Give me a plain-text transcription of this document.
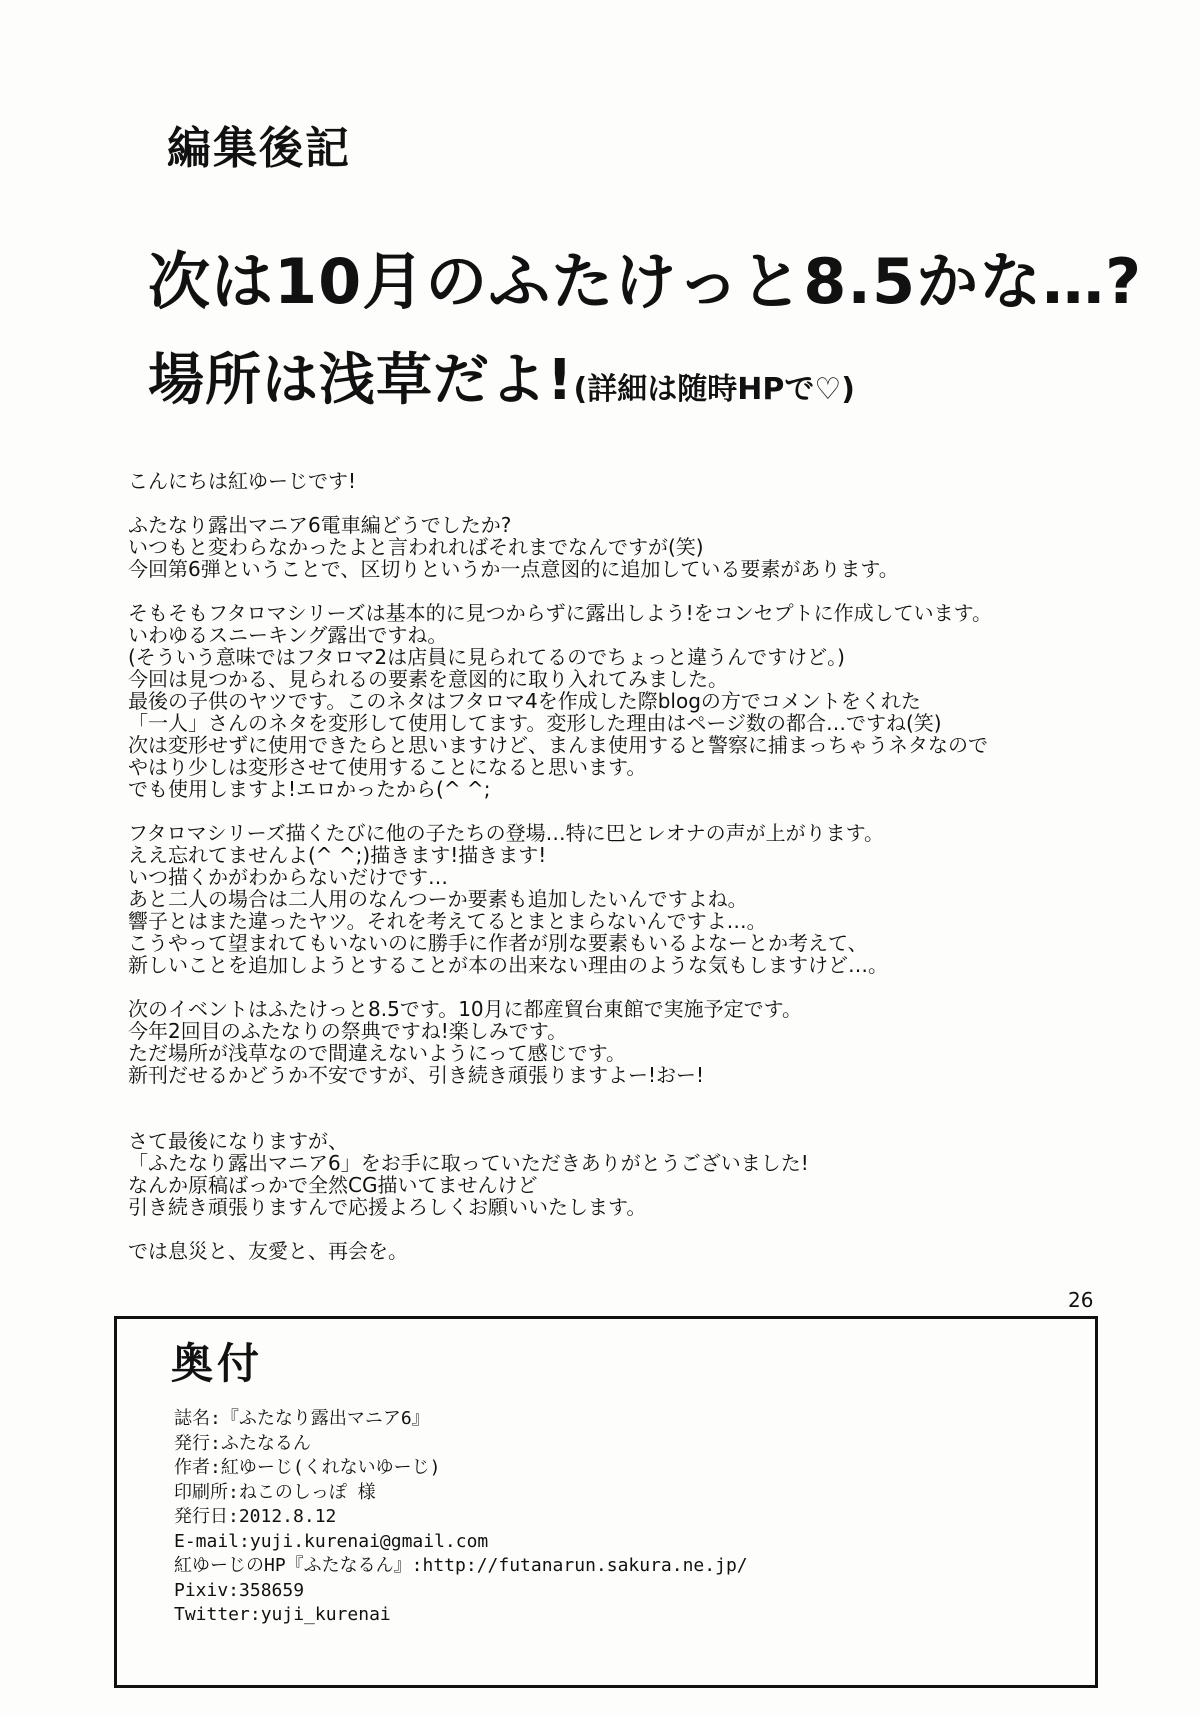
編集後記
次は10月のふたけっと8.5かな…?
場所は浅草だよ!(詳細は随時HPで♡)

こんにちは紅ゆーじです!

ふたなり露出マニア6電車編どうでしたか?
いつもと変わらなかったよと言われればそれまでなんですが(笑)
今回第6弾ということで、区切りというか一点意図的に追加している要素があります。

そもそもフタロマシリーズは基本的に見つからずに露出しよう!をコンセプトに作成しています。
いわゆるスニーキング露出ですね。
(そういう意味ではフタロマ2は店員に見られてるのでちょっと違うんですけど。)
今回は見つかる、見られるの要素を意図的に取り入れてみました。
最後の子供のヤツです。このネタはフタロマ4を作成した際blogの方でコメントをくれた
「一人」さんのネタを変形して使用してます。変形した理由はページ数の都合…ですね(笑)
次は変形せずに使用できたらと思いますけど、まんま使用すると警察に捕まっちゃうネタなので
やはり少しは変形させて使用することになると思います。
でも使用しますよ!エロかったから(^ ^;

フタロマシリーズ描くたびに他の子たちの登場…特に巴とレオナの声が上がります。
ええ忘れてませんよ(^ ^;)描きます!描きます!
いつ描くかがわからないだけです…
あと二人の場合は二人用のなんつーか要素も追加したいんですよね。
響子とはまた違ったヤツ。それを考えてるとまとまらないんですよ…。
こうやって望まれてもいないのに勝手に作者が別な要素もいるよなーとか考えて、
新しいことを追加しようとすることが本の出来ない理由のような気もしますけど…。

次のイベントはふたけっと8.5です。10月に都産貿台東館で実施予定です。
今年2回目のふたなりの祭典ですね!楽しみです。
ただ場所が浅草なので間違えないようにって感じです。
新刊だせるかどうか不安ですが、引き続き頑張りますよー!おー!

さて最後になりますが、
「ふたなり露出マニア6」をお手に取っていただきありがとうございました!
なんか原稿ばっかで全然CG描いてませんけど
引き続き頑張りますんで応援よろしくお願いいたします。

では息災と、友愛と、再会を。

26
奥付
誌名:『ふたなり露出マニア6』
発行:ふたなるん
作者:紅ゆーじ(くれないゆーじ)
印刷所:ねこのしっぽ 様
発行日:2012.8.12
E-mail:yuji.kurenai@gmail.com
紅ゆーじのHP『ふたなるん』:http://futanarun.sakura.ne.jp/
Pixiv:358659
Twitter:yuji_kurenai
